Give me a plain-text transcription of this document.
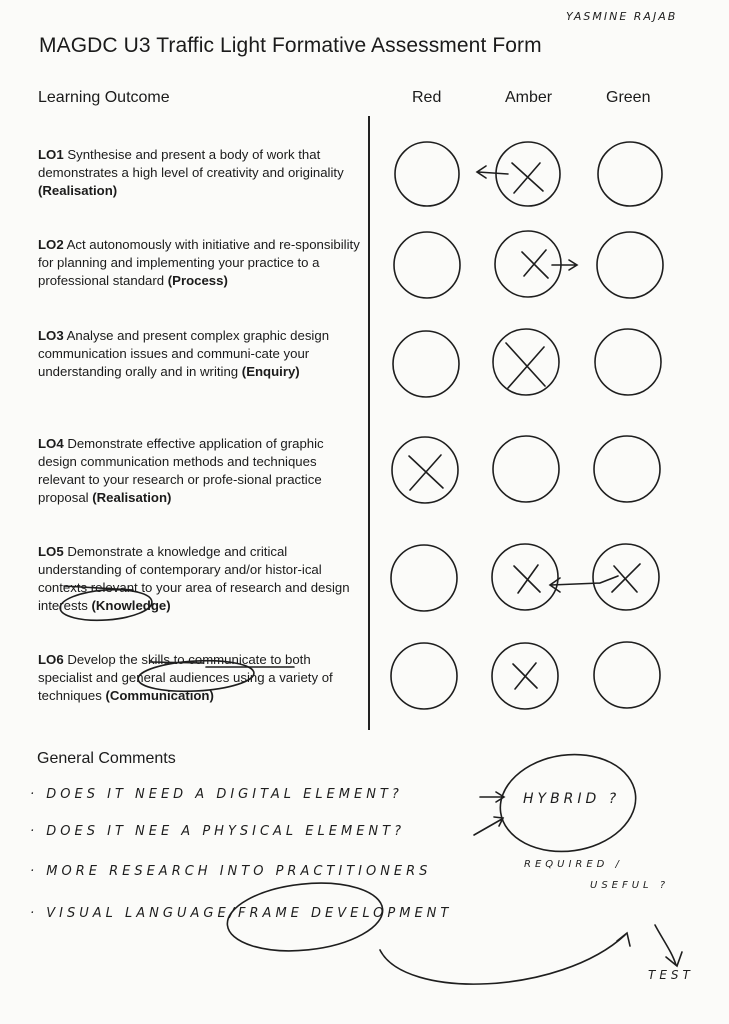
YASMINE RAJAB
MAGDC U3 Traffic Light Formative Assessment Form
Learning Outcome	Red	Amber	Green

LO1 Synthesise and present a body of work that demonstrates a high level of creativity and originality (Realisation)

LO2 Act autonomously with initiative and re-sponsibility for planning and implementing your practice to a professional standard (Process)

LO3 Analyse and present complex graphic design communication issues and communi-cate your understanding orally and in writing (Enquiry)

LO4 Demonstrate effective application of graphic design communication methods and techniques relevant to your research or profe-sional practice proposal (Realisation)

LO5 Demonstrate a knowledge and critical understanding of contemporary and/or histor-ical contexts relevant to your area of research and design interests (Knowledge)

LO6 Develop the skills to communicate to both specialist and general audiences using a variety of techniques (Communication)

General Comments
· DOES IT NEED A DIGITAL ELEMENT?
· DOES IT NEE A PHYSICAL ELEMENT?
· MORE RESEARCH INTO PRACTITIONERS
· VISUAL LANGUAGE/FRAME DEVELOPMENT
HYBRID ?
REQUIRED /
USEFUL ?
TEST
